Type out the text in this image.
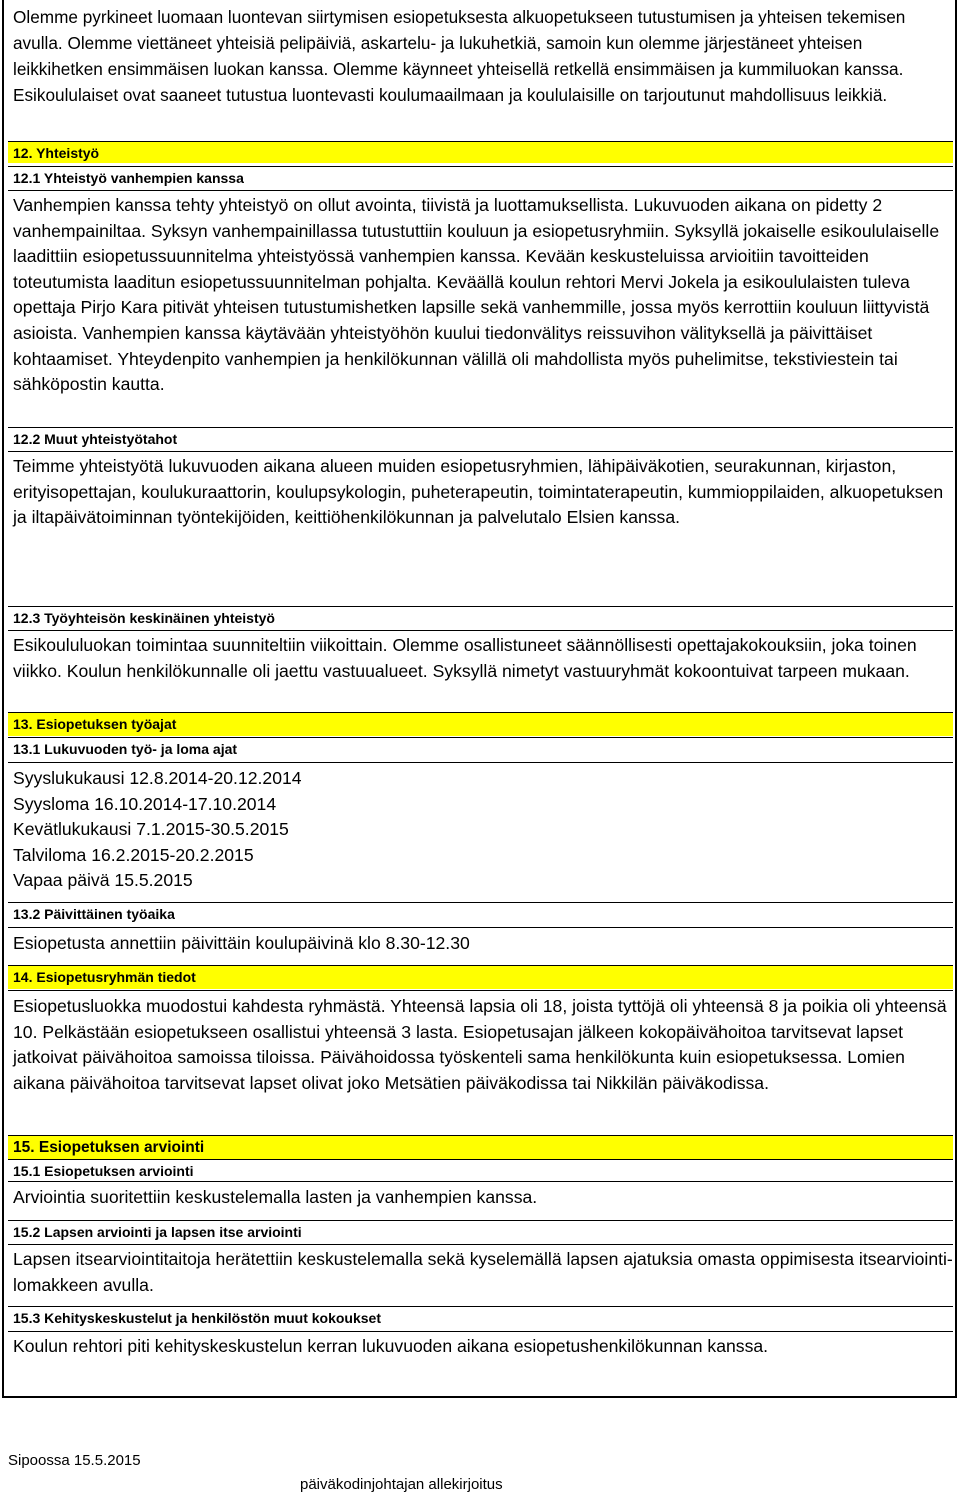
Olemme pyrkineet luomaan luontevan siirtymisen esiopetuksesta alkuopetukseen tutustumisen ja yhteisen tekemisen avulla. Olemme viettäneet yhteisiä pelipäiviä, askartelu- ja lukuhetkiä, samoin kun olemme järjestäneet yhteisen leikkihetken ensimmäisen luokan kanssa. Olemme käynneet yhteisellä retkellä ensimmäisen ja kummiluokan kanssa. Esikoululaiset ovat saaneet tutustua luontevasti koulumaailmaan ja koululaisille on tarjoutunut mahdollisuus leikkiä.
12. Yhteistyö
12.1 Yhteistyö vanhempien kanssa
Vanhempien kanssa tehty yhteistyö on ollut avointa, tiivistä ja luottamuksellista. Lukuvuoden aikana on pidetty 2 vanhempainiltaa. Syksyn vanhempainillassa tutustuttiin kouluun ja esiopetusryhmiin. Syksyllä jokaiselle esikoululaiselle laadittiin esiopetussuunnitelma yhteistyössä vanhempien kanssa. Kevään keskusteluissa arvioitiin tavoitteiden toteutumista laaditun esiopetussuunnitelman pohjalta. Keväällä koulun rehtori Mervi Jokela ja esikoululaisten tuleva opettaja Pirjo Kara pitivät yhteisen tutustumishetken lapsille sekä vanhemmille, jossa myös kerrottiin kouluun liittyvistä asioista. Vanhempien kanssa käytävään yhteistyöhön kuului tiedonvälitys reissuvihon välityksellä ja päivittäiset kohtaamiset. Yhteydenpito vanhempien ja henkilökunnan välillä oli mahdollista myös puhelimitse, tekstiviestein tai sähköpostin kautta.
12.2 Muut yhteistyötahot
Teimme yhteistyötä lukuvuoden aikana alueen muiden esiopetusryhmien, lähipäiväkotien, seurakunnan, kirjaston, erityisopettajan, koulukuraattorin, koulupsykologin, puheterapeutin, toimintaterapeutin, kummioppilaiden, alkuopetuksen ja iltapäivätoiminnan työntekijöiden, keittiöhenkilökunnan ja palvelutalo Elsien kanssa.
12.3 Työyhteisön keskinäinen yhteistyö
Esikoululuokan toimintaa suunniteltiin viikoittain. Olemme osallistuneet säännöllisesti opettajakokouksiin, joka toinen viikko. Koulun henkilökunnalle oli jaettu vastuualueet. Syksyllä nimetyt vastuuryhmät kokoontuivat tarpeen mukaan.
13. Esiopetuksen työajat
13.1 Lukuvuoden työ- ja loma ajat
Syyslukukausi 12.8.2014-20.12.2014
Syysloma 16.10.2014-17.10.2014
Kevätlukukausi 7.1.2015-30.5.2015
Talviloma 16.2.2015-20.2.2015
Vapaa päivä 15.5.2015
13.2 Päivittäinen työaika
Esiopetusta annettiin päivittäin koulupäivinä klo 8.30-12.30
14. Esiopetusryhmän tiedot
Esiopetusluokka muodostui kahdesta ryhmästä. Yhteensä lapsia oli 18, joista tyttöjä oli yhteensä 8 ja poikia oli yhteensä 10. Pelkästään esiopetukseen osallistui yhteensä 3 lasta. Esiopetusajan jälkeen kokopäivähoitoa tarvitsevat lapset jatkoivat päivähoitoa samoissa tiloissa. Päivähoidossa työskenteli sama henkilökunta kuin esiopetuksessa. Lomien aikana päivähoitoa tarvitsevat lapset olivat joko Metsätien päiväkodissa tai Nikkilän päiväkodissa.
15. Esiopetuksen arviointi
15.1 Esiopetuksen arviointi
Arviointia suoritettiin keskustelemalla lasten ja vanhempien kanssa.
15.2 Lapsen arviointi ja lapsen itse arviointi
Lapsen itsearviointitaitoja herätettiin keskustelemalla sekä kyselemällä lapsen ajatuksia omasta oppimisesta itsearviointi-lomakkeen avulla.
15.3 Kehityskeskustelut ja henkilöstön muut kokoukset
Koulun rehtori piti kehityskeskustelun kerran lukuvuoden aikana esiopetushenkilökunnan kanssa.
Sipoossa 15.5.2015
päiväkodinjohtajan allekirjoitus
